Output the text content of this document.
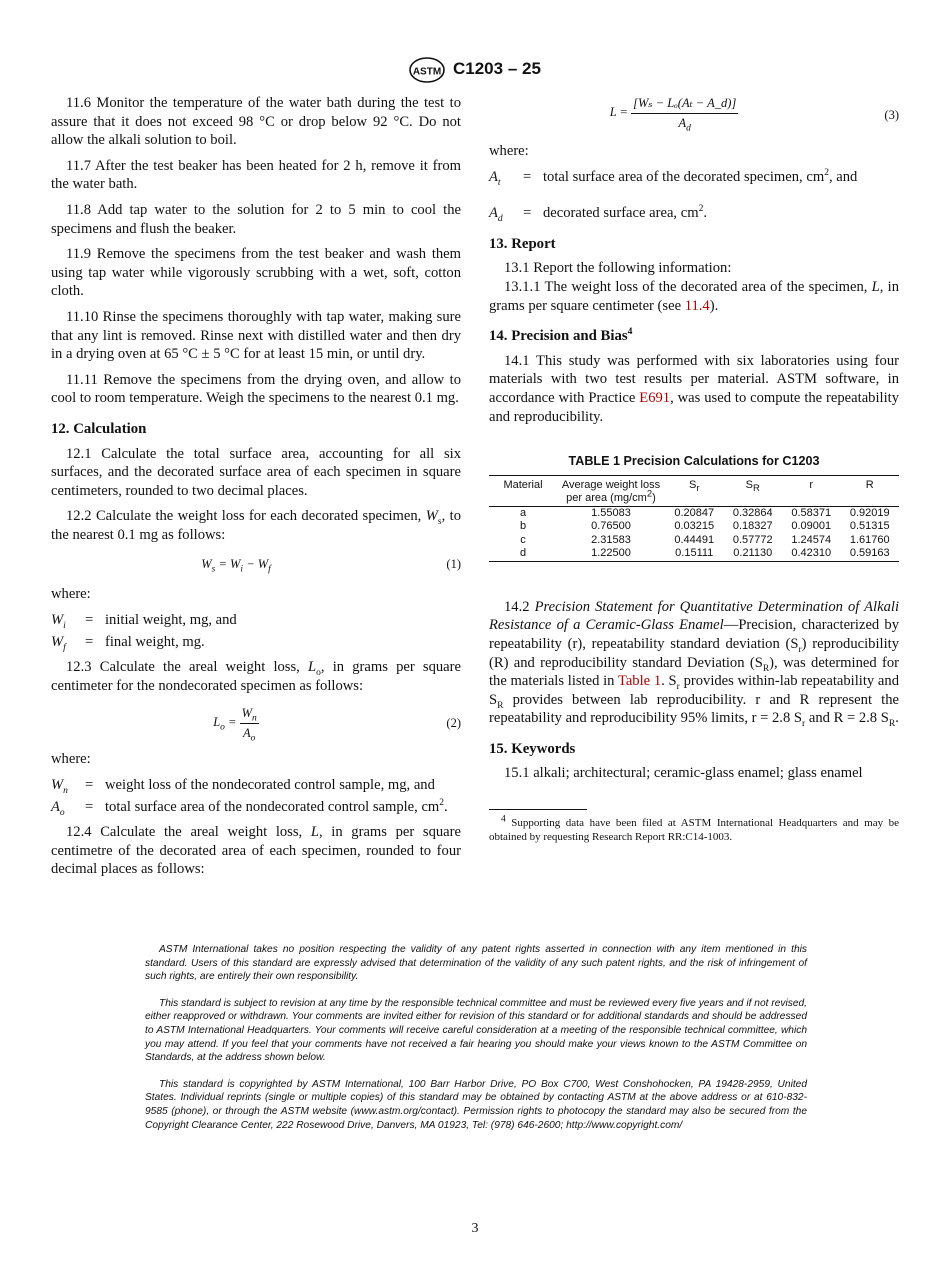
ASTM C1203 – 25

11.6 Monitor the temperature of the water bath during the test to assure that it does not exceed 98 °C or drop below 92 °C. Do not allow the alkali solution to boil.

11.7 After the test beaker has been heated for 2 h, remove it from the water bath.

11.8 Add tap water to the solution for 2 to 5 min to cool the specimens and flush the beaker.

11.9 Remove the specimens from the test beaker and wash them using tap water while vigorously scrubbing with a wet, soft, cotton cloth.

11.10 Rinse the specimens thoroughly with tap water, making sure that any lint is removed. Rinse next with distilled water and then dry in a drying oven at 65 °C ± 5 °C for at least 15 min, or until dry.

11.11 Remove the specimens from the drying oven, and allow to cool to room temperature. Weigh the specimens to the nearest 0.1 mg.

12. Calculation

12.1 Calculate the total surface area, accounting for all six surfaces, and the decorated surface area of each specimen in square centimeters, rounded to two decimal places.

12.2 Calculate the weight loss for each decorated specimen, $W_s$, to the nearest 0.1 mg as follows:

$W_s = W_i - W_f$	(1)

where:

$W_i$	= initial weight, mg, and
$W_f$	= final weight, mg.

12.3 Calculate the areal weight loss, $L_o$, in grams per square centimeter for the nondecorated specimen as follows:

$L_o = \frac{W_n}{A_o}$	(2)

where:

$W_n$	= weight loss of the nondecorated control sample, mg, and
$A_o$	= total surface area of the nondecorated control sample, $cm^2$.

12.4 Calculate the areal weight loss, L, in grams per square centimetre of the decorated area of each specimen, rounded to four decimal places as follows:

$L = \frac{\text{[Wₛ − Lₒ(Aₜ − A\_d)]}}{A_d}$	(3)

where:

$A_t$	= total surface area of the decorated specimen, $cm^2$, and
$A_d$	= decorated surface area, $cm^2$.
13. Report

13.1 Report the following information:

13.1.1 The weight loss of the decorated area of the specimen, L, in grams per square centimeter (see 11.4).

14. Precision and Bias$^4$

14.1 This study was performed with six laboratories using four materials with two test results per material. ASTM software, in accordance with Practice E691, was used to compute the repeatability and reproducibility.

TABLE 1 Precision Calculations for C1203
Material	Average weight loss per area $(mg/cm^2)$	$S_r$	$S_R$	r	R
a	1.55083	0.20847	0.32864	0.58371	0.92019
b	0.76500	0.03215	0.18327	0.09001	0.51315
c	2.31583	0.44491	0.57772	1.24574	1.61760
d	1.22500	0.15111	0.21130	0.42310	0.59163

14.2 Precision Statement for Quantitative Determination of Alkali Resistance of a Ceramic-Glass Enamel—Precision, characterized by repeatability (r), repeatability standard deviation $(S_r)$ reproducibility (R) and reproducibility standard Deviation $(S_R)$, was determined for the materials listed in Table 1. $S_r$ provides within-lab repeatability and $S_R$ provides between lab reproducibility. r and R represent the repeatability and reproducibility 95% limits, r = 2.8 $S_r$ and R = 2.8 $S_R$.

15. Keywords

15.1 alkali; architectural; ceramic-glass enamel; glass enamel

$^4$ Supporting data have been filed at ASTM International Headquarters and may be obtained by requesting Research Report RR:C14-1003.

ASTM International takes no position respecting the validity of any patent rights asserted in connection with any item mentioned in this standard. Users of this standard are expressly advised that determination of the validity of any such patent rights, and the risk of infringement of such rights, are entirely their own responsibility.

This standard is subject to revision at any time by the responsible technical committee and must be reviewed every five years and if not revised, either reapproved or withdrawn. Your comments are invited either for revision of this standard or for additional standards and should be addressed to ASTM International Headquarters. Your comments will receive careful consideration at a meeting of the responsible technical committee, which you may attend. If you feel that your comments have not received a fair hearing you should make your views known to the ASTM Committee on Standards, at the address shown below.

This standard is copyrighted by ASTM International, 100 Barr Harbor Drive, PO Box C700, West Conshohocken, PA 19428-2959, United States. Individual reprints (single or multiple copies) of this standard may be obtained by contacting ASTM at the above address or at 610-832-9585 (phone), or through the ASTM website (www.astm.org/contact). Permission rights to photocopy the standard may also be secured from the Copyright Clearance Center, 222 Rosewood Drive, Danvers, MA 01923, Tel: (978) 646-2600; http://www.copyright.com/

3
